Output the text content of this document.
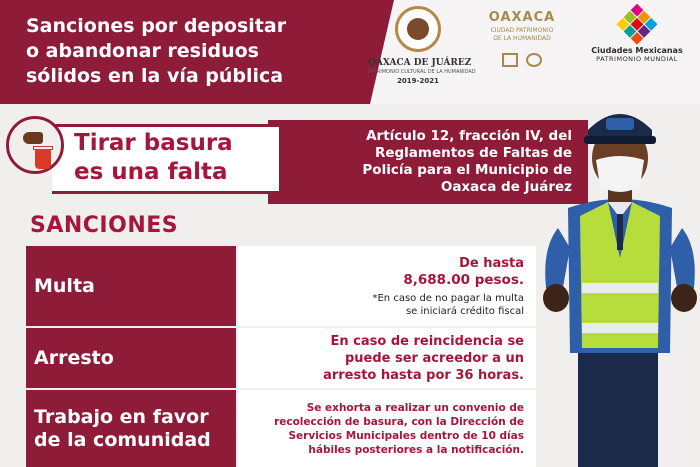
Sanciones por depositar
o abandonar residuos
sólidos en la vía pública
OAXACA DE JUÁREZ
PATRIMONIO CULTURAL DE LA HUMANIDAD
2019-2021
OAXACA
CIUDAD PATRIMONIO
DE LA HUMANIDAD
Ciudades Mexicanas
PATRIMONIO MUNDIAL
Artículo 12, fracción IV, del
Reglamentos de Faltas de
Policía para el Municipio de
Oaxaca de Juárez
Tirar basura
es una falta
SANCIONES
Multa
De hasta
8,688.00 pesos.
*En caso de no pagar la multa
se iniciará crédito fiscal
Arresto
En caso de reincidencia se
puede ser acreedor a un
arresto hasta por 36 horas.
Trabajo en favor
de la comunidad
Se exhorta a realizar un convenio de
recolección de basura, con la Dirección de
Servicios Municipales dentro de 10 días
hábiles posteriores a la notificación.
